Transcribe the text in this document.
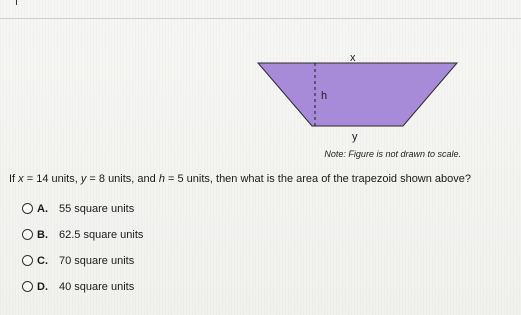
x
h
y
Note: Figure is not drawn to scale.
If x = 14 units, y = 8 units, and h = 5 units, then what is the area of the trapezoid shown above?
A.	55 square units
B.	62.5 square units
C.	70 square units
D.	40 square units
